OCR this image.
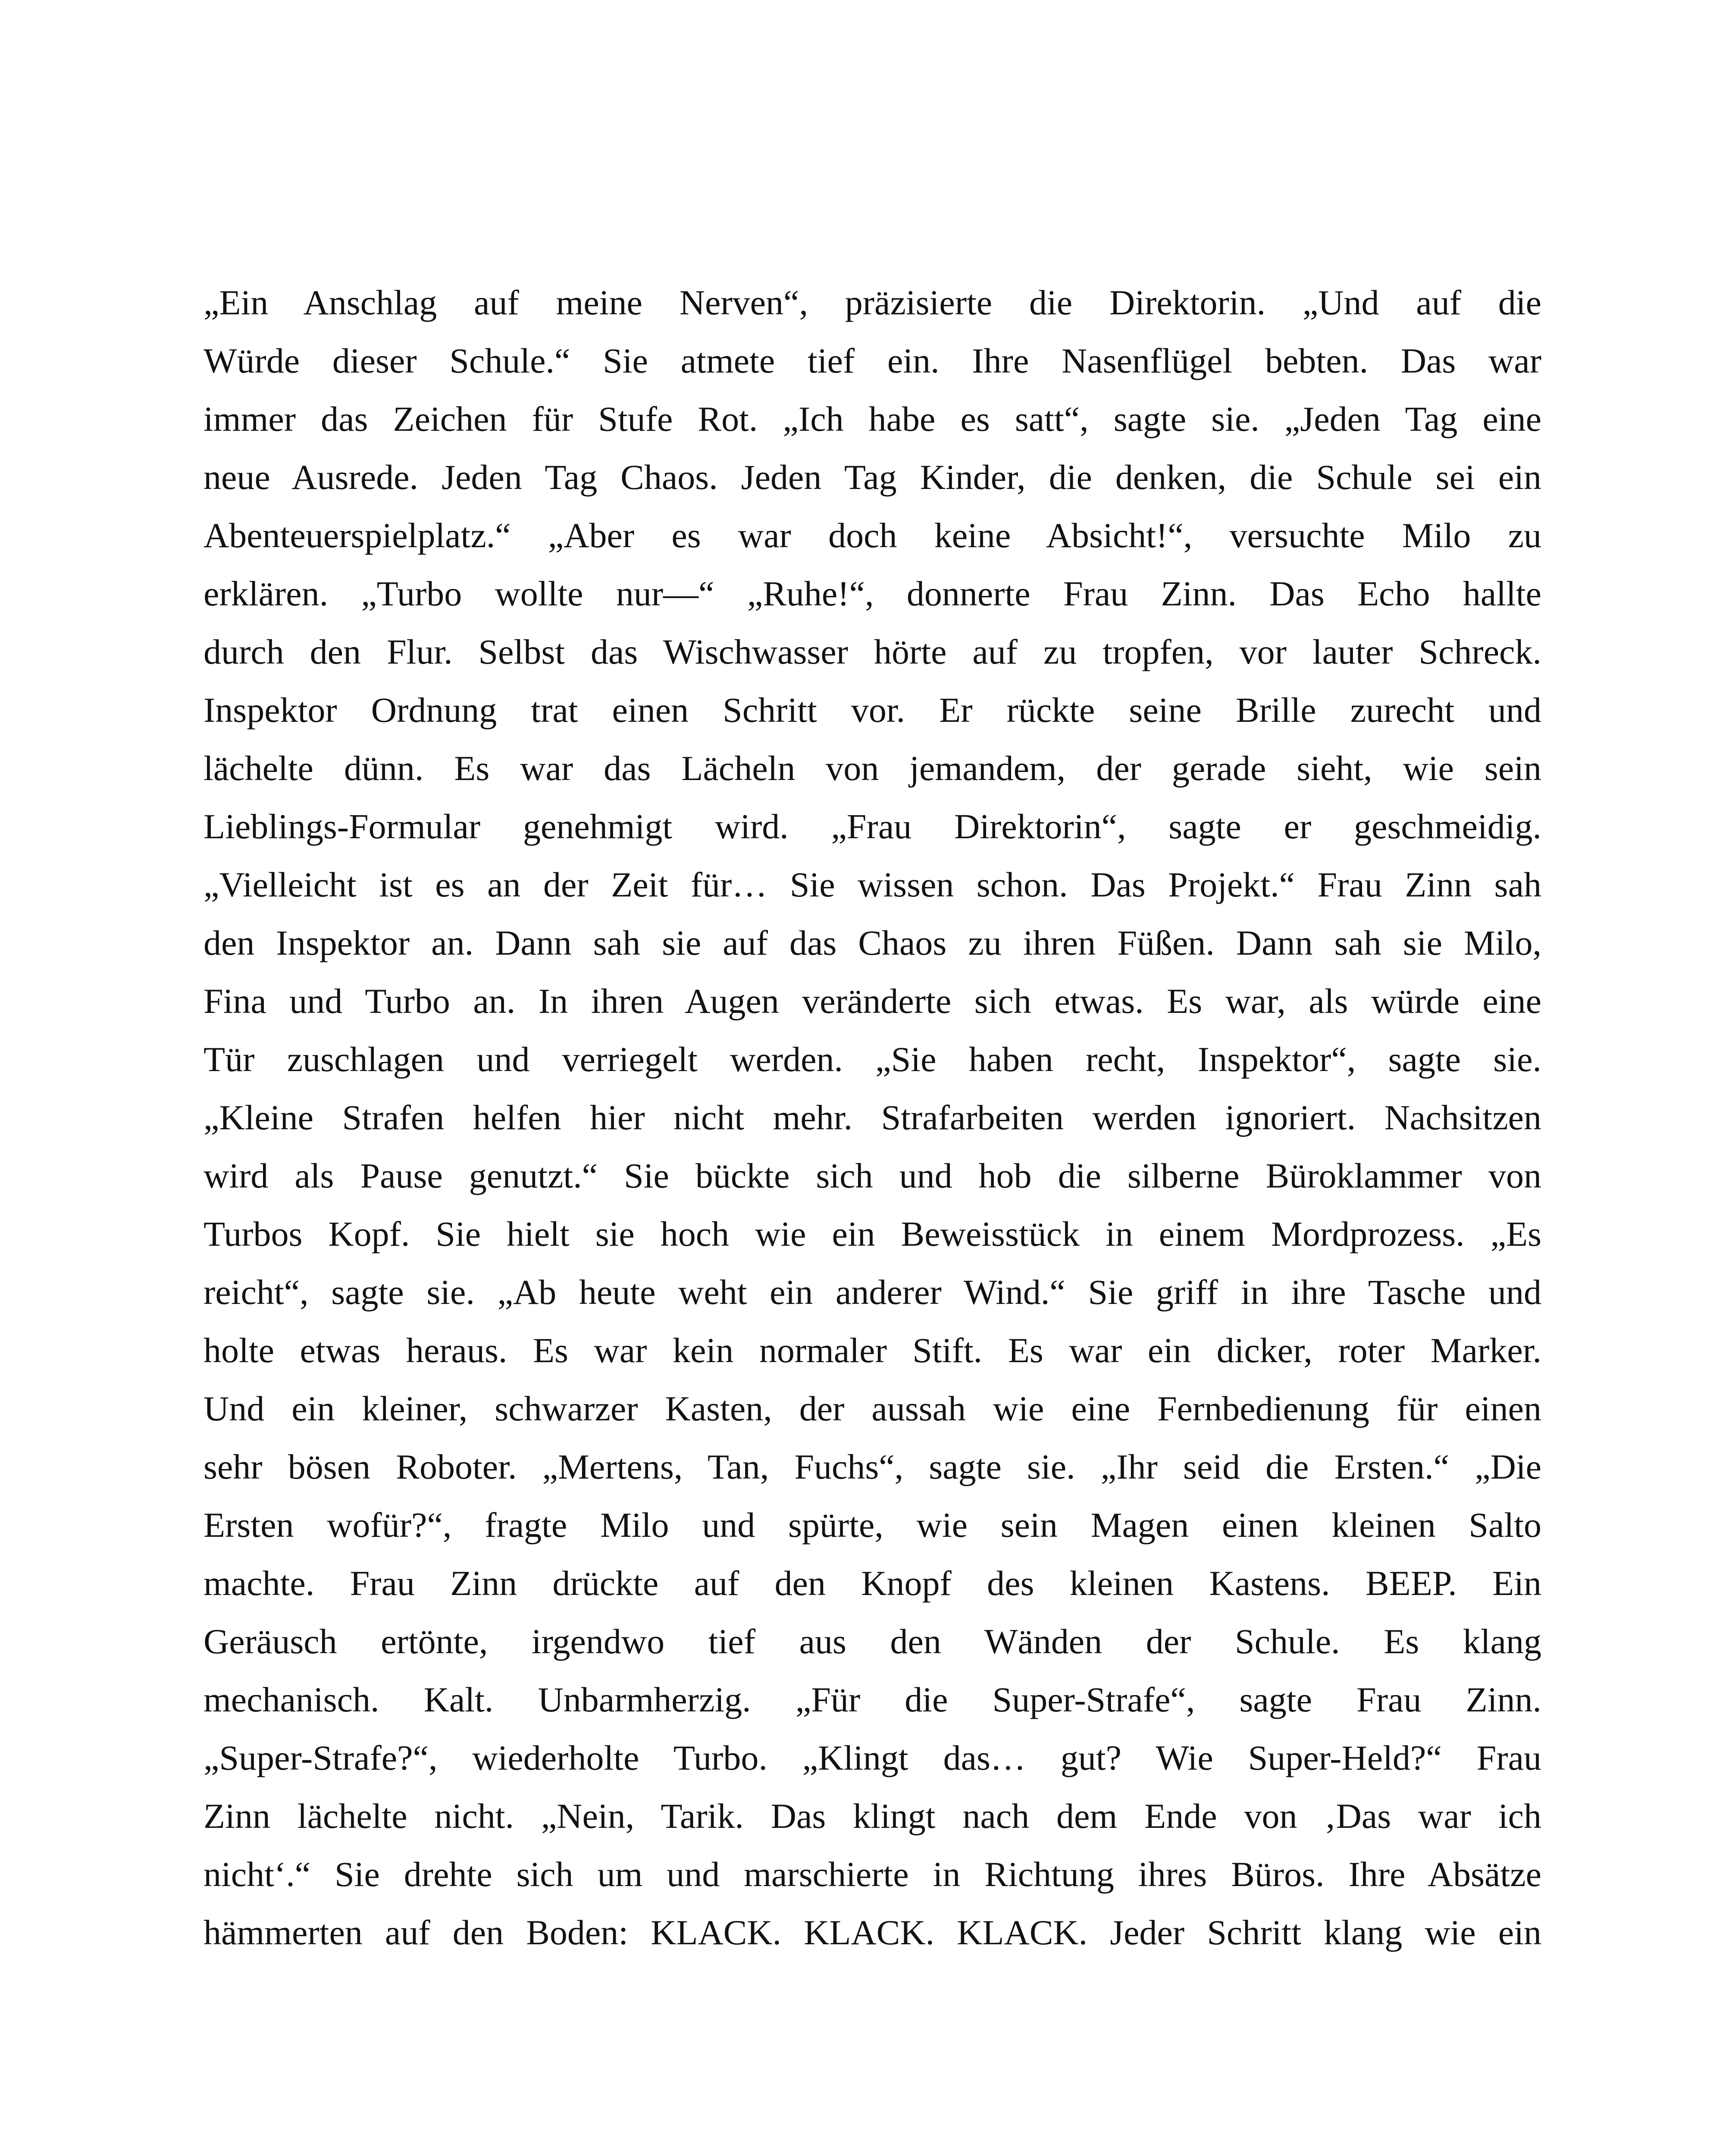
„Ein Anschlag auf meine Nerven“, präzisierte die Direktorin. „Und auf die
Würde dieser Schule.“ Sie atmete tief ein. Ihre Nasenflügel bebten. Das war
immer das Zeichen für Stufe Rot. „Ich habe es satt“, sagte sie. „Jeden Tag eine
neue Ausrede. Jeden Tag Chaos. Jeden Tag Kinder, die denken, die Schule sei ein
Abenteuerspielplatz.“ „Aber es war doch keine Absicht!“, versuchte Milo zu
erklären. „Turbo wollte nur—“ „Ruhe!“, donnerte Frau Zinn. Das Echo hallte
durch den Flur. Selbst das Wischwasser hörte auf zu tropfen, vor lauter Schreck.
Inspektor Ordnung trat einen Schritt vor. Er rückte seine Brille zurecht und
lächelte dünn. Es war das Lächeln von jemandem, der gerade sieht, wie sein
Lieblings-Formular genehmigt wird. „Frau Direktorin“, sagte er geschmeidig.
„Vielleicht ist es an der Zeit für… Sie wissen schon. Das Projekt.“ Frau Zinn sah
den Inspektor an. Dann sah sie auf das Chaos zu ihren Füßen. Dann sah sie Milo,
Fina und Turbo an. In ihren Augen veränderte sich etwas. Es war, als würde eine
Tür zuschlagen und verriegelt werden. „Sie haben recht, Inspektor“, sagte sie.
„Kleine Strafen helfen hier nicht mehr. Strafarbeiten werden ignoriert. Nachsitzen
wird als Pause genutzt.“ Sie bückte sich und hob die silberne Büroklammer von
Turbos Kopf. Sie hielt sie hoch wie ein Beweisstück in einem Mordprozess. „Es
reicht“, sagte sie. „Ab heute weht ein anderer Wind.“ Sie griff in ihre Tasche und
holte etwas heraus. Es war kein normaler Stift. Es war ein dicker, roter Marker.
Und ein kleiner, schwarzer Kasten, der aussah wie eine Fernbedienung für einen
sehr bösen Roboter. „Mertens, Tan, Fuchs“, sagte sie. „Ihr seid die Ersten.“ „Die
Ersten wofür?“, fragte Milo und spürte, wie sein Magen einen kleinen Salto
machte. Frau Zinn drückte auf den Knopf des kleinen Kastens. BEEP. Ein
Geräusch ertönte, irgendwo tief aus den Wänden der Schule. Es klang
mechanisch. Kalt. Unbarmherzig. „Für die Super-Strafe“, sagte Frau Zinn.
„Super-Strafe?“, wiederholte Turbo. „Klingt das… gut? Wie Super-Held?“ Frau
Zinn lächelte nicht. „Nein, Tarik. Das klingt nach dem Ende von ‚Das war ich
nicht‘.“ Sie drehte sich um und marschierte in Richtung ihres Büros. Ihre Absätze
hämmerten auf den Boden: KLACK. KLACK. KLACK. Jeder Schritt klang wie ein
